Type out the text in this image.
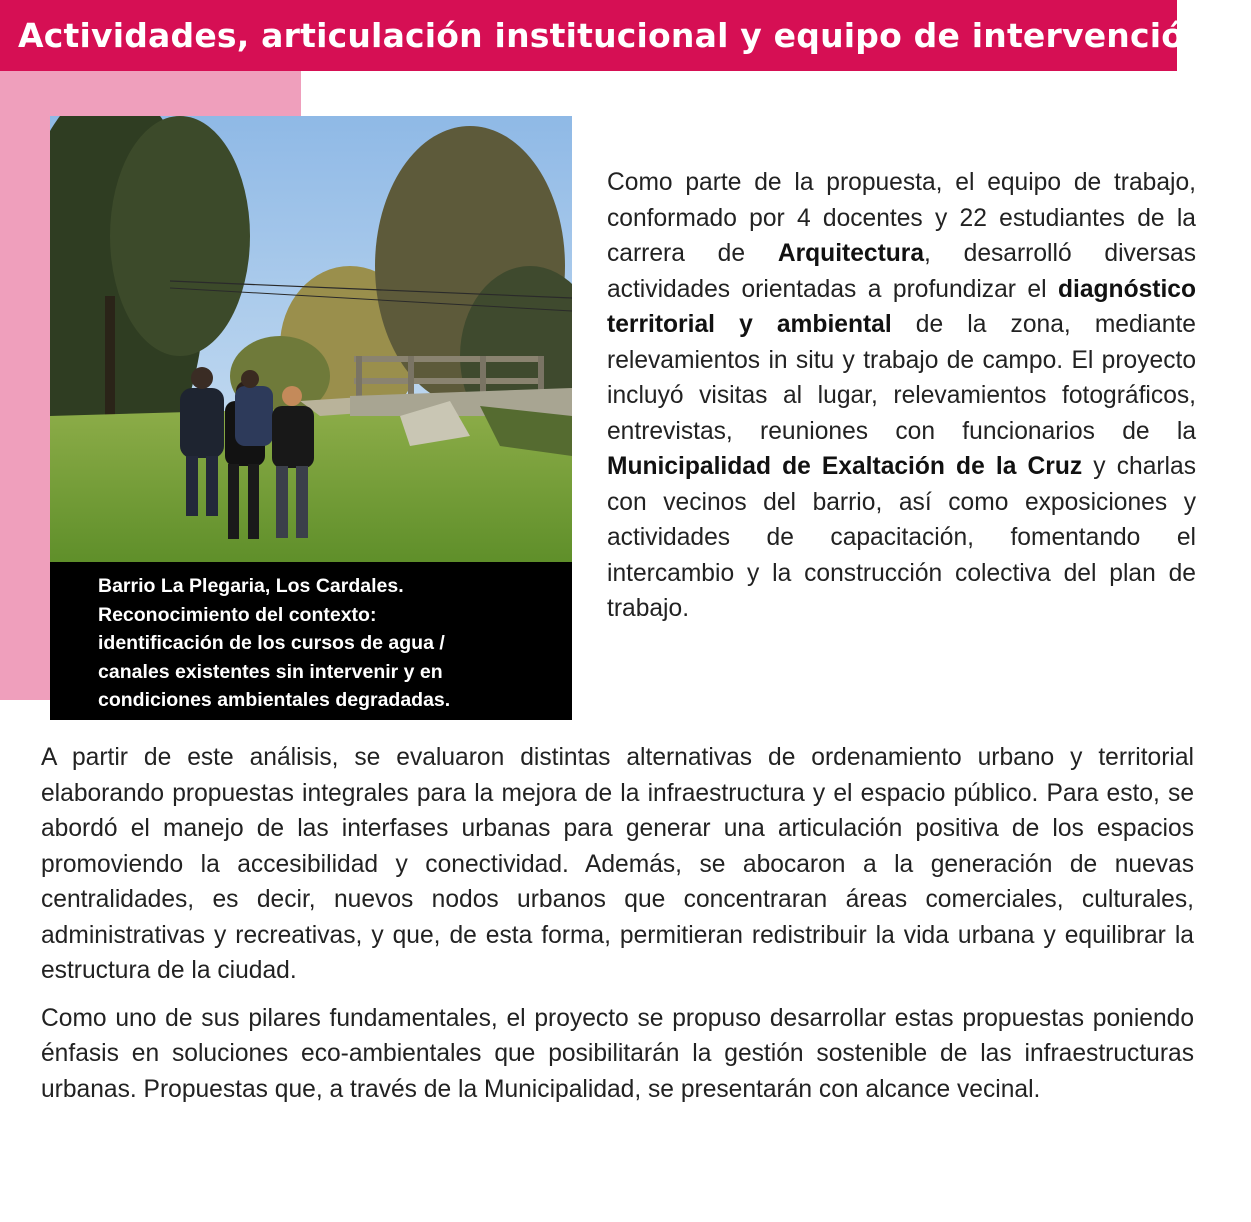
Actividades, articulación institucional y equipo de intervención
Barrio La Plegaria, Los Cardales.
Reconocimiento del contexto:
identificación de los cursos de agua /
canales existentes sin intervenir y en
condiciones ambientales degradadas.

Como parte de la propuesta, el equipo de trabajo, conformado por 4 docentes y 22 estudiantes de la carrera de Arquitectura, desarrolló diversas actividades orientadas a profundizar el diagnóstico territorial y ambiental de la zona, mediante relevamientos in situ y trabajo de campo. El proyecto incluyó visitas al lugar, relevamientos fotográficos, entrevistas, reuniones con funcionarios de la Municipalidad de Exaltación de la Cruz y charlas con vecinos del barrio, así como exposiciones y actividades de capacitación, fomentando el intercambio y la construcción colectiva del plan de trabajo.

A partir de este análisis, se evaluaron distintas alternativas de ordenamiento urbano y territorial elaborando propuestas integrales para la mejora de la infraestructura y el espacio público. Para esto, se abordó el manejo de las interfases urbanas para generar una articulación positiva de los espacios promoviendo la accesibilidad y conectividad. Además, se abocaron a la generación de nuevas centralidades, es decir, nuevos nodos urbanos que concentraran áreas comerciales, culturales, administrativas y recreativas, y que, de esta forma, permitieran redistribuir la vida urbana y equilibrar la estructura de la ciudad.

Como uno de sus pilares fundamentales, el proyecto se propuso desarrollar estas propuestas poniendo énfasis en soluciones eco-ambientales que posibilitarán la gestión sostenible de las infraestructuras urbanas. Propuestas que, a través de la Municipalidad, se presentarán con alcance vecinal.
